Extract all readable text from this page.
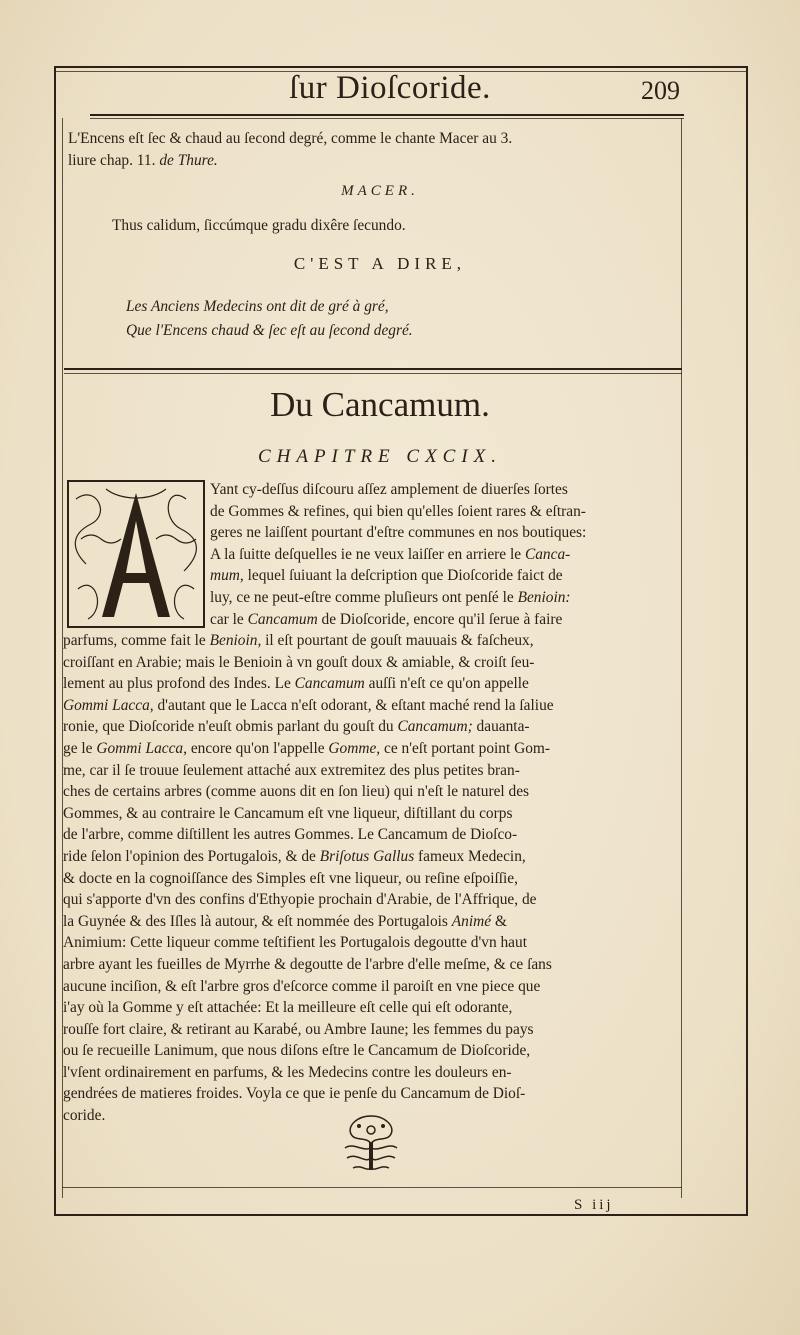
ſur Dioſcoride.	209
L'Encens eſt ſec & chaud au ſecond degré, comme le chante Macer au 3.
liure chap. 11. de Thure.
MACER.
Thus calidum, ſiccúmque gradu dixêre ſecundo.
C'EST A DIRE,
Les Anciens Medecins ont dit de gré à gré,
Que l'Encens chaud & ſec eſt au ſecond degré.
Du Cancamum.
CHAPITRE CXCIX.
Yant cy-deſſus diſcouru aſſez amplement de diuerſes ſortes
de Gommes & refines, qui bien qu'elles ſoient rares & eſtran-
geres ne laiſſent pourtant d'eſtre communes en nos boutiques:
A la ſuitte deſquelles ie ne veux laiſſer en arriere le Canca-
mum, lequel ſuiuant la deſcription que Dioſcoride faict de
luy, ce ne peut-eſtre comme pluſieurs ont penſé le Benioin:
car le Cancamum de Dioſcoride, encore qu'il ſerue à faire
parfums, comme fait le Benioin, il eſt pourtant de gouſt mauuais & faſcheux,
croiſſant en Arabie; mais le Benioin à vn gouſt doux & amiable, & croiſt ſeu-
lement au plus profond des Indes. Le Cancamum auſſi n'eſt ce qu'on appelle
Gommi Lacca, d'autant que le Lacca n'eſt odorant, & eſtant maché rend la ſaliue
ronie, que Dioſcoride n'euſt obmis parlant du gouſt du Cancamum; dauanta-
ge le Gommi Lacca, encore qu'on l'appelle Gomme, ce n'eſt portant point Gom-
me, car il ſe trouue ſeulement attaché aux extremitez des plus petites bran-
ches de certains arbres (comme auons dit en ſon lieu) qui n'eſt le naturel des
Gommes, & au contraire le Cancamum eſt vne liqueur, diſtillant du corps
de l'arbre, comme diſtillent les autres Gommes. Le Cancamum de Dioſco-
ride ſelon l'opinion des Portugalois, & de Briſotus Gallus fameux Medecin,
& docte en la cognoiſſance des Simples eſt vne liqueur, ou reſine eſpoiſſie,
qui s'apporte d'vn des confins d'Ethyopie prochain d'Arabie, de l'Affrique, de
la Guynée & des Iſles là autour, & eſt nommée des Portugalois Animé &
Animium: Cette liqueur comme teſtifient les Portugalois degoutte d'vn haut
arbre ayant les fueilles de Myrrhe & degoutte de l'arbre d'elle meſme, & ce ſans
aucune inciſion, & eſt l'arbre gros d'eſcorce comme il paroiſt en vne piece que
i'ay où la Gomme y eſt attachée: Et la meilleure eſt celle qui eſt odorante,
rouſſe fort claire, & retirant au Karabé, ou Ambre Iaune; les femmes du pays
ou ſe recueille Lanimum, que nous diſons eſtre le Cancamum de Dioſcoride,
l'vſent ordinairement en parfums, & les Medecins contre les douleurs en-
gendrées de matieres froides. Voyla ce que ie penſe du Cancamum de Dioſ-
coride.
S iij
